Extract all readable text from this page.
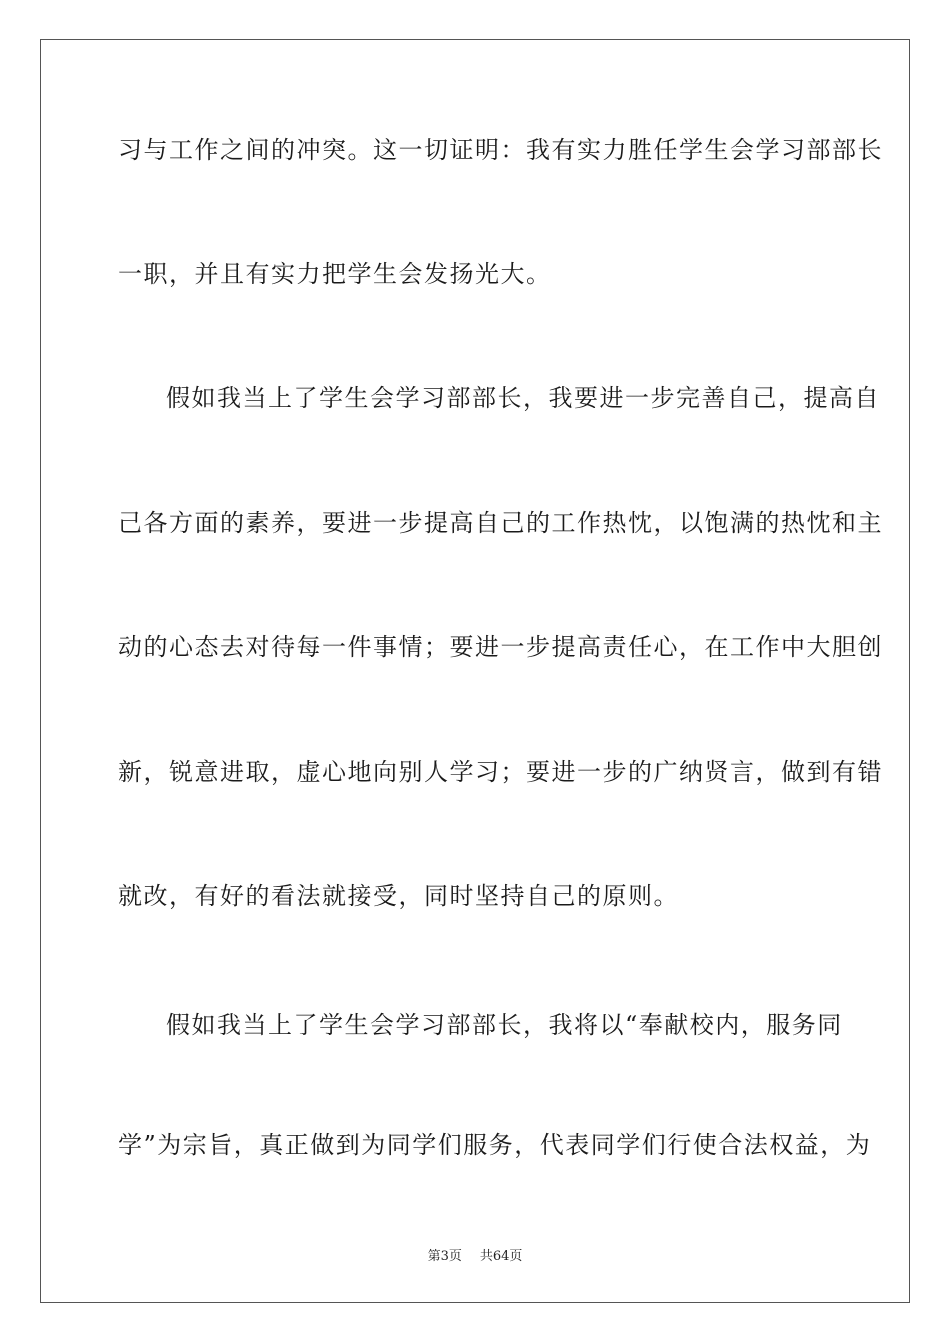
习与工作之间的冲突。这一切证明：我有实力胜任学生会学习部部长
一职，并且有实力把学生会发扬光大。
假如我当上了学生会学习部部长，我要进一步完善自己，提高自
己各方面的素养，要进一步提高自己的工作热忱，以饱满的热忱和主
动的心态去对待每一件事情；要进一步提高责任心，在工作中大胆创
新，锐意进取，虚心地向别人学习；要进一步的广纳贤言，做到有错
就改，有好的看法就接受，同时坚持自己的原则。
假如我当上了学生会学习部部长，我将以“奉献校内，服务同
学”为宗旨，真正做到为同学们服务，代表同学们行使合法权益，为
第3页 共64页
